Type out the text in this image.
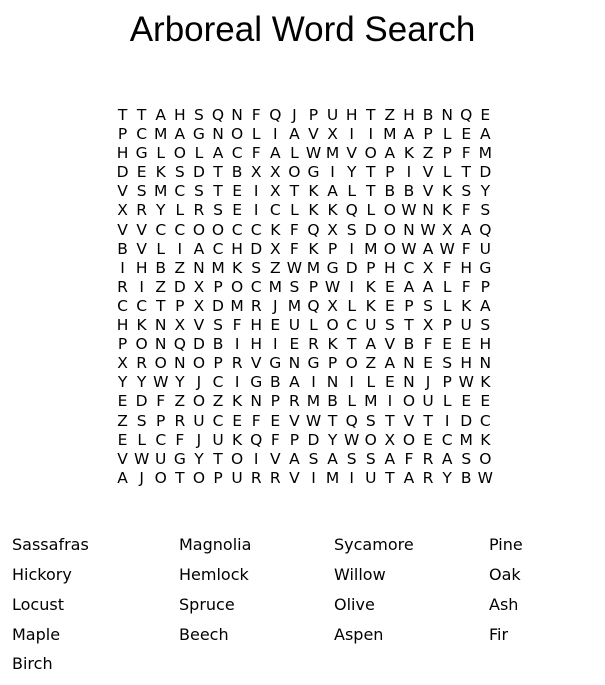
Arboreal Word Search
T T A H S Q N F Q J P U H T Z H B N Q E
P C M A G N O L I A V X I I M A P L E A
H G L O L A C F A L W M V O A K Z P F M
D E K S D T B X X O G I Y T P I V L T D
V S M C S T E I X T K A L T B B V K S Y
X R Y L R S E I C L K K Q L O W N K F S
V V C C O O C C K F Q X S D O N W X A Q
B V L I A C H D X F K P I M O W A W F U
I H B Z N M K S Z W M G D P H C X F H G
R I Z D X P O C M S P W I K E A A L F P
C C T P X D M R J M Q X L K E P S L K A
H K N X V S F H E U L O C U S T X P U S
P O N Q D B I H I E R K T A V B F E E H
X R O N O P R V G N G P O Z A N E S H N
Y Y W Y J C I G B A I N I L E N J P W K
E D F Z O Z K N P R M B L M I O U L E E
Z S P R U C E F E V W T Q S T V T I D C
E L C F J U K Q F P D Y W O X O E C M K
V W U G Y T O I V A S A S S A F R A S O
A J O T O P U R R V I M I U T A R Y B W
Sassafras
Hickory
Locust
Maple
Birch
Magnolia
Hemlock
Spruce
Beech
Sycamore
Willow
Olive
Aspen
Pine
Oak
Ash
Fir
